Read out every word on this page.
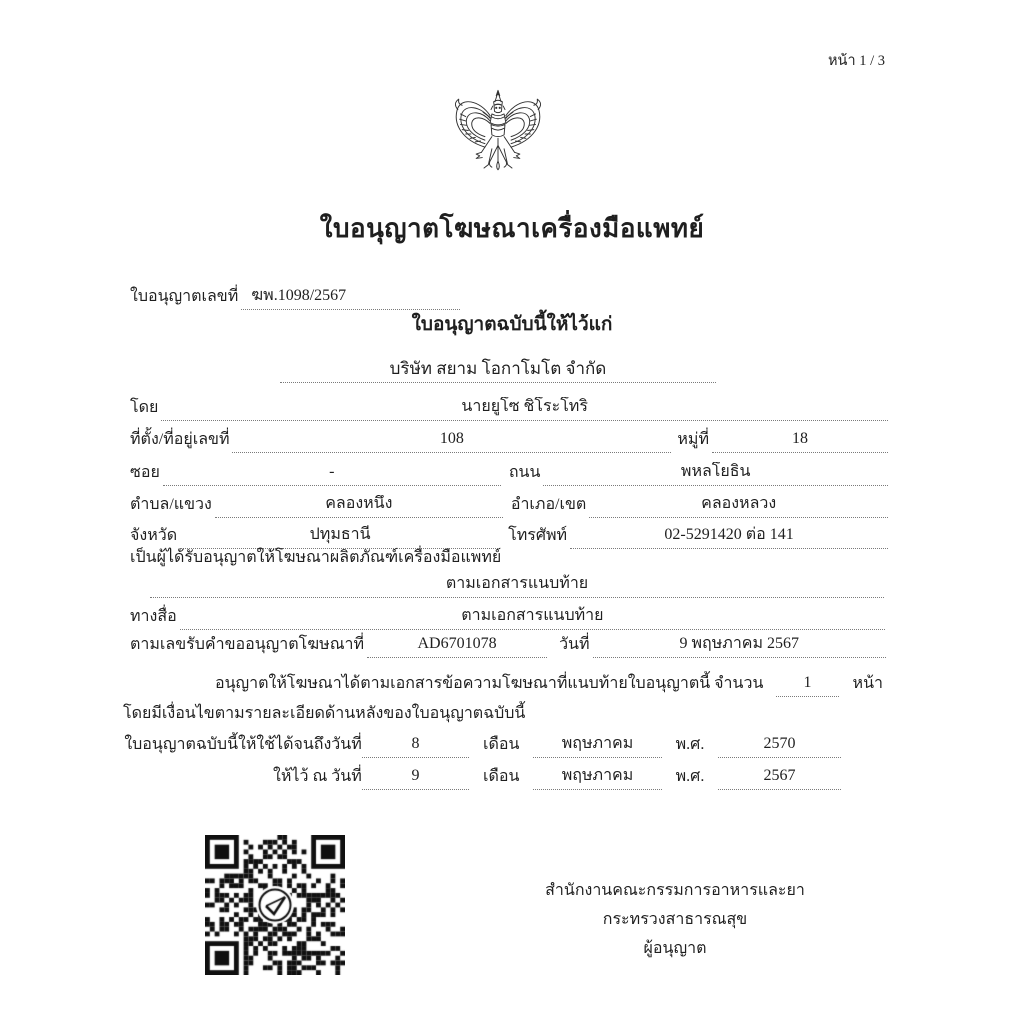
หน้า 1 / 3
ใบอนุญาตโฆษณาเครื่องมือแพทย์
ใบอนุญาตเลขที่ ฆพ.1098/2567
ใบอนุญาตฉบับนี้ให้ไว้แก่
บริษัท สยาม โอกาโมโต จำกัด
โดย	นายยูโซ ชิโระโทริ
ที่ตั้ง/ที่อยู่เลขที่	108	หมู่ที่	18
ซอย	-	ถนน	พหลโยธิน
ตำบล/แขวง	คลองหนึ่ง	อำเภอ/เขต	คลองหลวง
จังหวัด	ปทุมธานี	โทรศัพท์	02-5291420 ต่อ 141
เป็นผู้ได้รับอนุญาตให้โฆษณาผลิตภัณฑ์เครื่องมือแพทย์
ตามเอกสารแนบท้าย
ทางสื่อ	ตามเอกสารแนบท้าย
ตามเลขรับคำขออนุญาตโฆษณาที่	AD6701078	วันที่	9 พฤษภาคม 2567
อนุญาตให้โฆษณาได้ตามเอกสารข้อความโฆษณาที่แนบท้ายใบอนุญาตนี้ จำนวน	1	หน้า
โดยมีเงื่อนไขตามรายละเอียดด้านหลังของใบอนุญาตฉบับนี้
ใบอนุญาตฉบับนี้ให้ใช้ได้จนถึงวันที่	8	เดือน	พฤษภาคม	พ.ศ.	2570
ให้ไว้ ณ วันที่	9	เดือน	พฤษภาคม	พ.ศ.	2567
สำนักงานคณะกรรมการอาหารและยา
กระทรวงสาธารณสุข
ผู้อนุญาต
